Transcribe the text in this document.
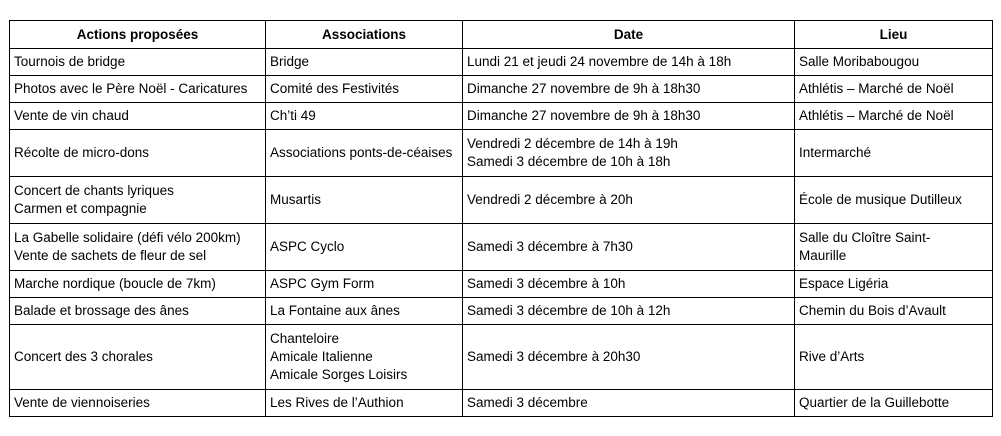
Actions proposées	Associations	Date	Lieu

Tournois de bridge	Bridge	Lundi 21 et jeudi 24 novembre de 14h à 18h	Salle Moribabougou

Photos avec le Père Noël - Caricatures	Comité des Festivités	Dimanche 27 novembre de 9h à 18h30	Athlétis – Marché de Noël

Vente de vin chaud	Ch’ti 49	Dimanche 27 novembre de 9h à 18h30	Athlétis – Marché de Noël

Récolte de micro-dons	Associations ponts-de-céaises	Vendredi 2 décembre de 14h à 19h
Samedi 3 décembre de 10h à 18h	Intermarché

Concert de chants lyriques
Carmen et compagnie	Musartis	Vendredi 2 décembre à 20h	École de musique Dutilleux

La Gabelle solidaire (défi vélo 200km)
Vente de sachets de fleur de sel	ASPC Cyclo	Samedi 3 décembre à 7h30	Salle du Cloître Saint-
Maurille

Marche nordique (boucle de 7km)	ASPC Gym Form	Samedi 3 décembre à 10h	Espace Ligéria

Balade et brossage des ânes	La Fontaine aux ânes	Samedi 3 décembre de 10h à 12h	Chemin du Bois d’Avault

Concert des 3 chorales	Chanteloire
Amicale Italienne
Amicale Sorges Loisirs	Samedi 3 décembre à 20h30	Rive d’Arts

Vente de viennoiseries	Les Rives de l’Authion	Samedi 3 décembre	Quartier de la Guillebotte
